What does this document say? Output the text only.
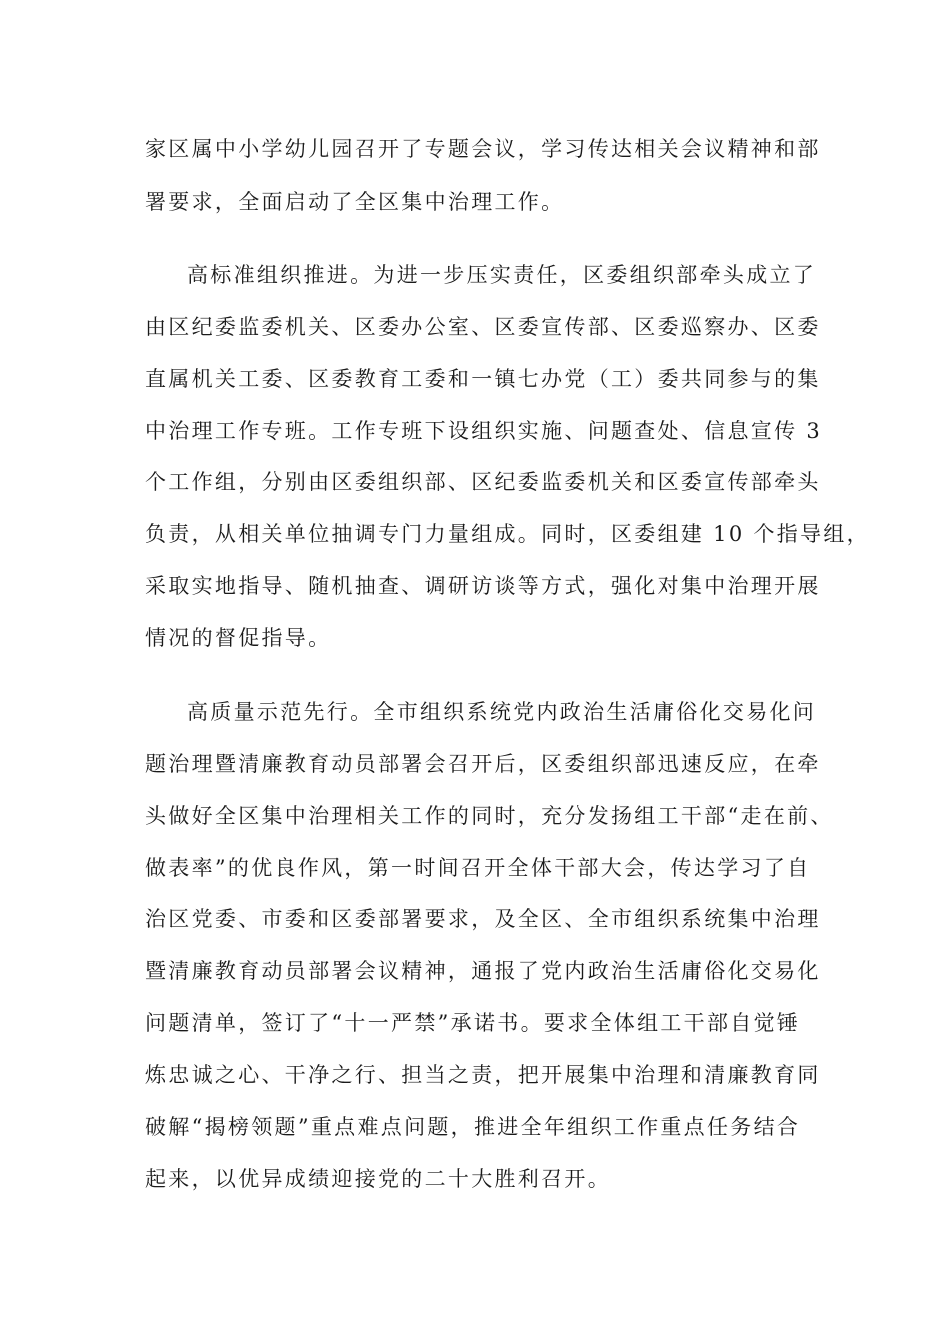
家区属中小学幼儿园召开了专题会议，学习传达相关会议精神和部
署要求，全面启动了全区集中治理工作。
高标准组织推进。为进一步压实责任，区委组织部牵头成立了
由区纪委监委机关、区委办公室、区委宣传部、区委巡察办、区委
直属机关工委、区委教育工委和一镇七办党（工）委共同参与的集
中治理工作专班。工作专班下设组织实施、问题查处、信息宣传 3
个工作组，分别由区委组织部、区纪委监委机关和区委宣传部牵头
负责，从相关单位抽调专门力量组成。同时，区委组建 10 个指导组，
采取实地指导、随机抽查、调研访谈等方式，强化对集中治理开展
情况的督促指导。
高质量示范先行。全市组织系统党内政治生活庸俗化交易化问
题治理暨清廉教育动员部署会召开后，区委组织部迅速反应，在牵
头做好全区集中治理相关工作的同时，充分发扬组工干部“走在前、
做表率”的优良作风，第一时间召开全体干部大会，传达学习了自
治区党委、市委和区委部署要求，及全区、全市组织系统集中治理
暨清廉教育动员部署会议精神，通报了党内政治生活庸俗化交易化
问题清单，签订了“十一严禁”承诺书。要求全体组工干部自觉锤
炼忠诚之心、干净之行、担当之责，把开展集中治理和清廉教育同
破解“揭榜领题”重点难点问题，推进全年组织工作重点任务结合
起来，以优异成绩迎接党的二十大胜利召开。
